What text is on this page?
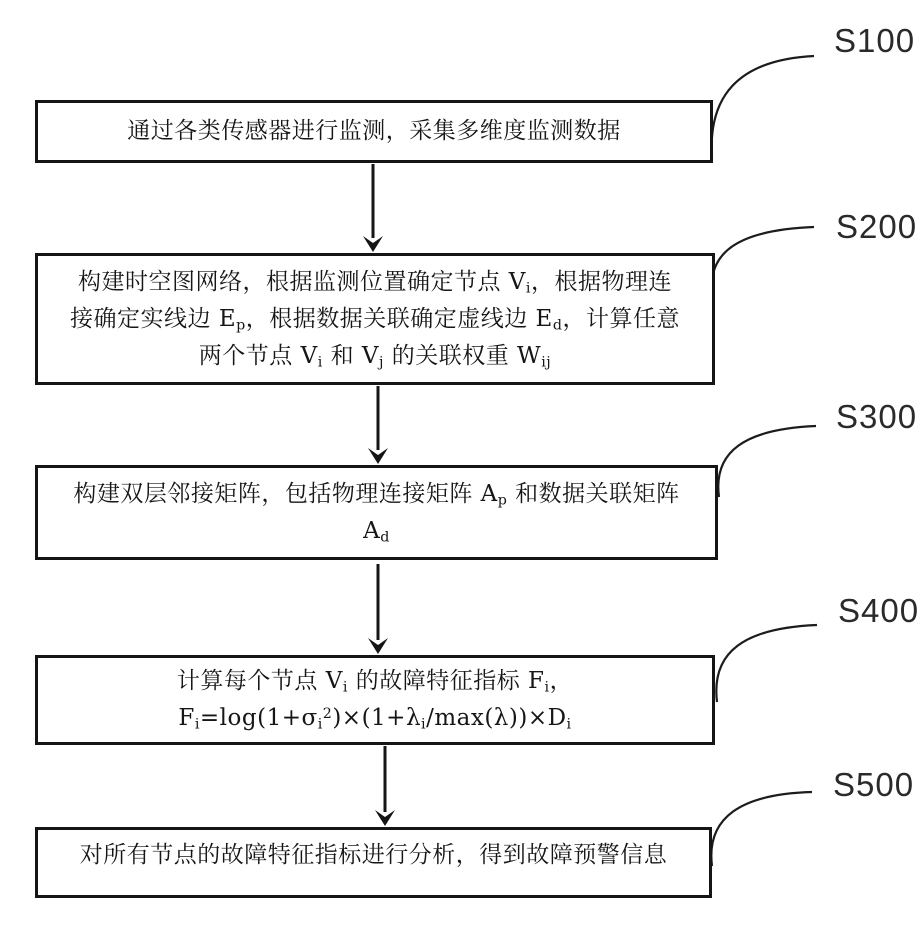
通过各类传感器进行监测，采集多维度监测数据
构建时空图网络，根据监测位置确定节点 $V_i$，根据物理连
接确定实线边 $E_p$，根据数据关联确定虚线边 $E_d$，计算任意
两个节点 $V_i$ 和 $V_j$ 的关联权重 $W_{ij}$
构建双层邻接矩阵，包括物理连接矩阵 $A_p$ 和数据关联矩阵
$A_d$
计算每个节点 $V_i$ 的故障特征指标 $F_i$，
$F_i=\log(1+\sigma_i^2)\times(1+\lambda_i/\max(\lambda))\times D_i$
对所有节点的故障特征指标进行分析，得到故障预警信息
S100
S200
S300
S400
S500
